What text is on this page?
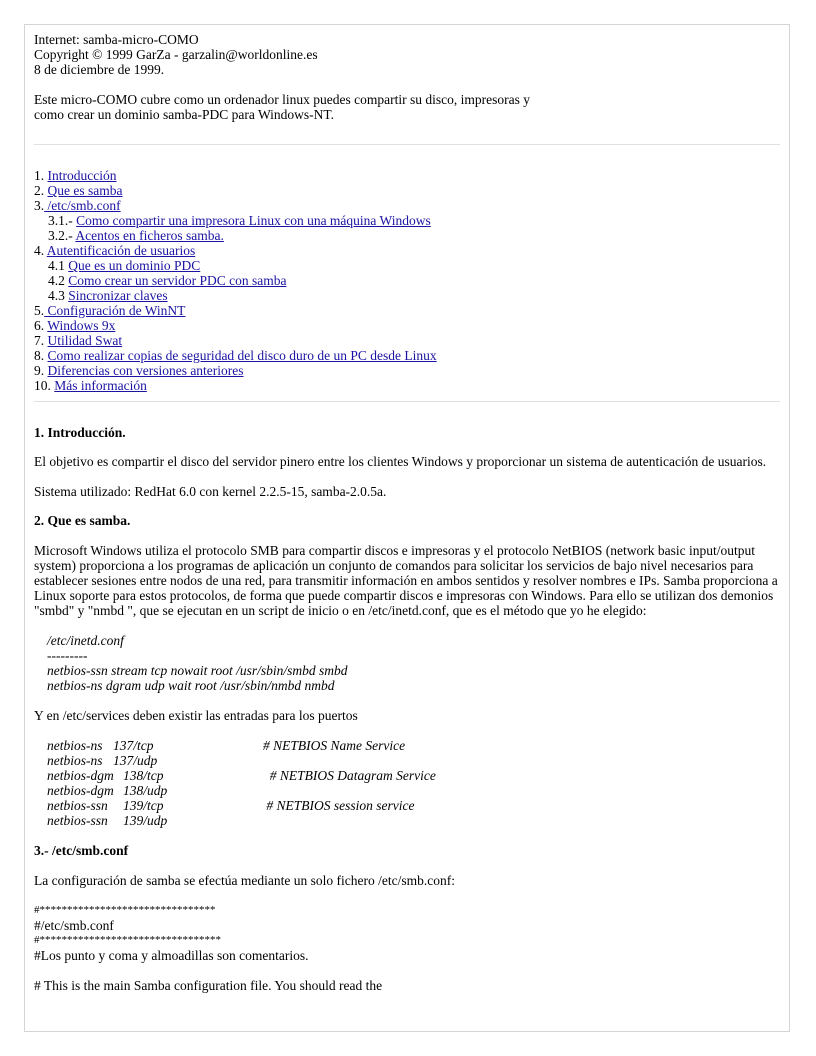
Internet: samba-micro-COMO
Copyright © 1999 GarZa - garzalin@worldonline.es
8 de diciembre de 1999.
Este micro-COMO cubre como un ordenador linux puedes compartir su disco, impresoras y
como crear un dominio samba-PDC para Windows-NT.
1. Introducción
2. Que es samba
3. /etc/smb.conf
3.1.- Como compartir una impresora Linux con una máquina Windows
3.2.- Acentos en ficheros samba.
4. Autentificación de usuarios
4.1 Que es un dominio PDC
4.2 Como crear un servidor PDC con samba
4.3 Sincronizar claves
5. Configuración de WinNT
6. Windows 9x
7. Utilidad Swat
8. Como realizar copias de seguridad del disco duro de un PC desde Linux
9. Diferencias con versiones anteriores
10. Más información
1. Introducción.

El objetivo es compartir el disco del servidor pinero entre los clientes Windows y proporcionar un sistema de autenticación de usuarios.

Sistema utilizado: RedHat 6.0 con kernel 2.2.5-15, samba-2.0.5a.

2. Que es samba.

Microsoft Windows utiliza el protocolo SMB para compartir discos e impresoras y el protocolo NetBIOS (network basic input/output system) proporciona a los programas de aplicación un conjunto de comandos para solicitar los servicios de bajo nivel necesarios para establecer sesiones entre nodos de una red, para transmitir información en ambos sentidos y resolver nombres e IPs. Samba proporciona a Linux soporte para estos protocolos, de forma que puede compartir discos e impresoras con Windows. Para ello se utilizan dos demonios "smbd" y "nmbd ", que se ejecutan en un script de inicio o en /etc/inetd.conf, que es el método que yo he elegido:

/etc/inetd.conf
---------
netbios-ssn stream tcp nowait root /usr/sbin/smbd smbd
netbios-ns dgram udp wait root /usr/sbin/nmbd nmbd

Y en /etc/services deben existir las entradas para los puertos

netbios-ns 137/tcp	# NETBIOS Name Service
netbios-ns 137/udp
netbios-dgm 138/tcp	# NETBIOS Datagram Service
netbios-dgm 138/udp
netbios-ssn	139/tcp	# NETBIOS session service
netbios-ssn	139/udp
3.- /etc/smb.conf

La configuración de samba se efectúa mediante un solo fichero /etc/smb.conf:

#********************************
#/etc/smb.conf
#*********************************
#Los punto y coma y almoadillas son comentarios.
# This is the main Samba configuration file. You should read the
